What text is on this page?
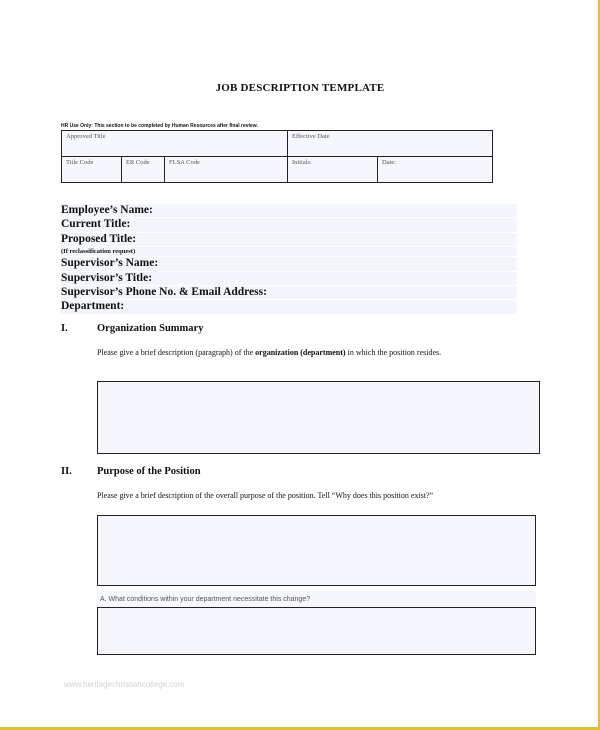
JOB DESCRIPTION TEMPLATE
HR Use Only: This section to be completed by Human Resources after final review.
Approved Title	Effective Date
Title Code	ER Code	FLSA Code	Initials:	Date:
Employee’s Name:
Current Title:
Proposed Title:
(If reclassification request)
Supervisor’s Name:
Supervisor’s Title:
Supervisor’s Phone No. & Email Address:
Department:
I.	Organization Summary
Please give a brief description (paragraph) of the organization (department) in which the position resides.
II. Purpose of the Position
Please give a brief description of the overall purpose of the position. Tell “Why does this position exist?”
A. What conditions within your department necessitate this change?
www.heritagechristiancollege.com
